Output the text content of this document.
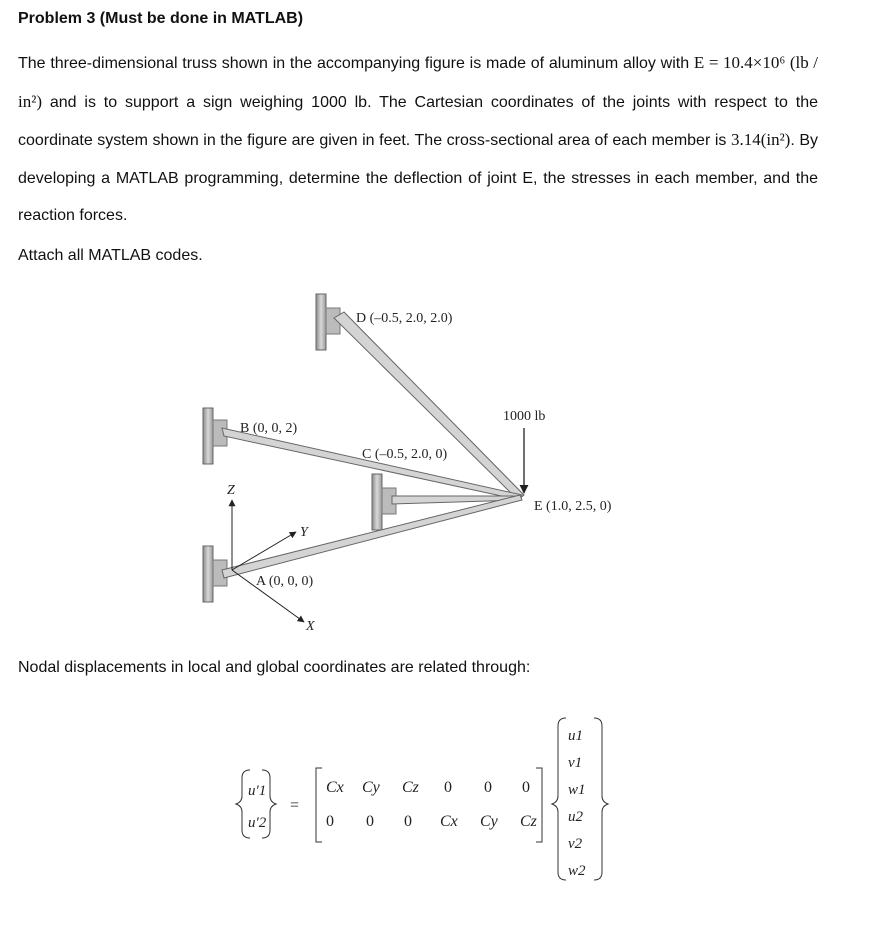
Problem 3 (Must be done in MATLAB)
The three-dimensional truss shown in the accompanying figure is made of aluminum alloy with E = 10.4×10⁶ (lb / in²) and is to support a sign weighing 1000 lb. The Cartesian coordinates of the joints with respect to the coordinate system shown in the figure are given in feet. The cross-sectional area of each member is 3.14(in²). By developing a MATLAB programming, determine the deflection of joint E, the stresses in each member, and the reaction forces.
Attach all MATLAB codes.
D (–0.5, 2.0, 2.0)
B (0, 0, 2)
C (–0.5, 2.0, 0)
E (1.0, 2.5, 0)
A (0, 0, 0)
1000 lb
Z
Y
X
u′1
u′2
=
Cx Cy Cz 0 0 0
0 0 0 Cx Cy Cz
u1
v1
w1
u2
v2
w2
Nodal displacements in local and global coordinates are related through:
